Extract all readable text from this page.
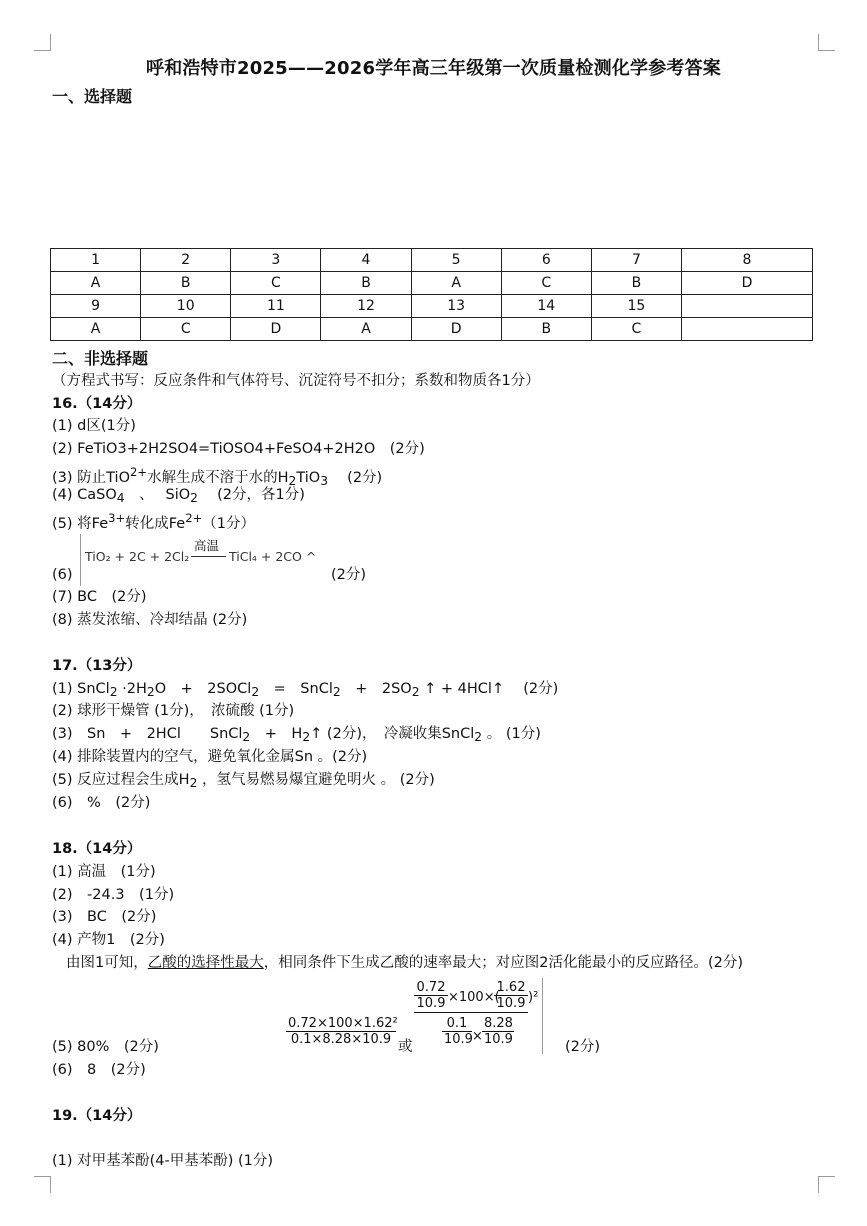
呼和浩特市2025——2026学年高三年级第一次质量检测化学参考答案
一、选择题
1	2	3	4	5	6	7	8
A	B	C	B	A	C	B	D
9	10	11	12	13	14	15	
A	C	D	A	D	B	C	
二、非选择题
（方程式书写：反应条件和气体符号、沉淀符号不扣分；系数和物质各1分）
16.（14分）
(1) d区(1分)
(2) FeTiO3+2H2SO4=TiOSO4+FeSO4+2H2O　(2分)
(3) 防止TiO$^{2+}$水解生成不溶于水的$H_2TiO_3$　 (2分)
(4) CaSO$_4$　、　 SiO$_2$　 (2分，各1分)
(5) 将$Fe^{3+}$转化成$Fe^{2+}(1$分）
(6)
TiO₂ + 2C + 2Cl₂
高温
TiCl₄ + 2CO ^
(2分)
(7) BC　(2分)
(8) 蒸发浓缩、冷却结晶 (2分)
17.（13分）
(1) SnCl$_2$ $\cdot 2H_2O$　+　2SOCl$_2$　=　SnCl$_2$　+　$2SO_2$ ↑ + 4HCl↑　 (2分)
(2) 球形干燥管 (1分)，　浓硫酸 (1分)
(3)　Sn　+　2HCl　　SnCl$_2$　+　$H_2↑$ (2分)，　冷凝收集SnCl$_2$ 。 (1分)
(4) 排除装置内的空气，避免氧化金属Sn 。(2分)
(5) 反应过程会生成$H_2$ ，氢气易燃易爆宜避免明火 。 (2分)
(6)　%　(2分)
18.（14分）
(1) 高温　(1分)
(2)　-24.3　(1分)
(3)　BC　(2分)
(4) 产物1　(2分)
由图1可知，乙酸的选择性最大，相同条件下生成乙酸的速率最大；对应图2活化能最小的反应路径。(2分)
$\frac{\text{0.72×100×1.62²}}{0.1\times 8.28\times 10.9}$ 或
$\frac{0.72}{10.9} \times 100\times$(
$\frac{1.62}{10.9} )^2$
$\frac{0.1}{10.9} \times \frac{8.28}{10.9}$
(5) 80%　(2分)	(2分)
(6)　8　(2分)
19.（14分）
(1) 对甲基苯酚(4-甲基苯酚) (1分)
